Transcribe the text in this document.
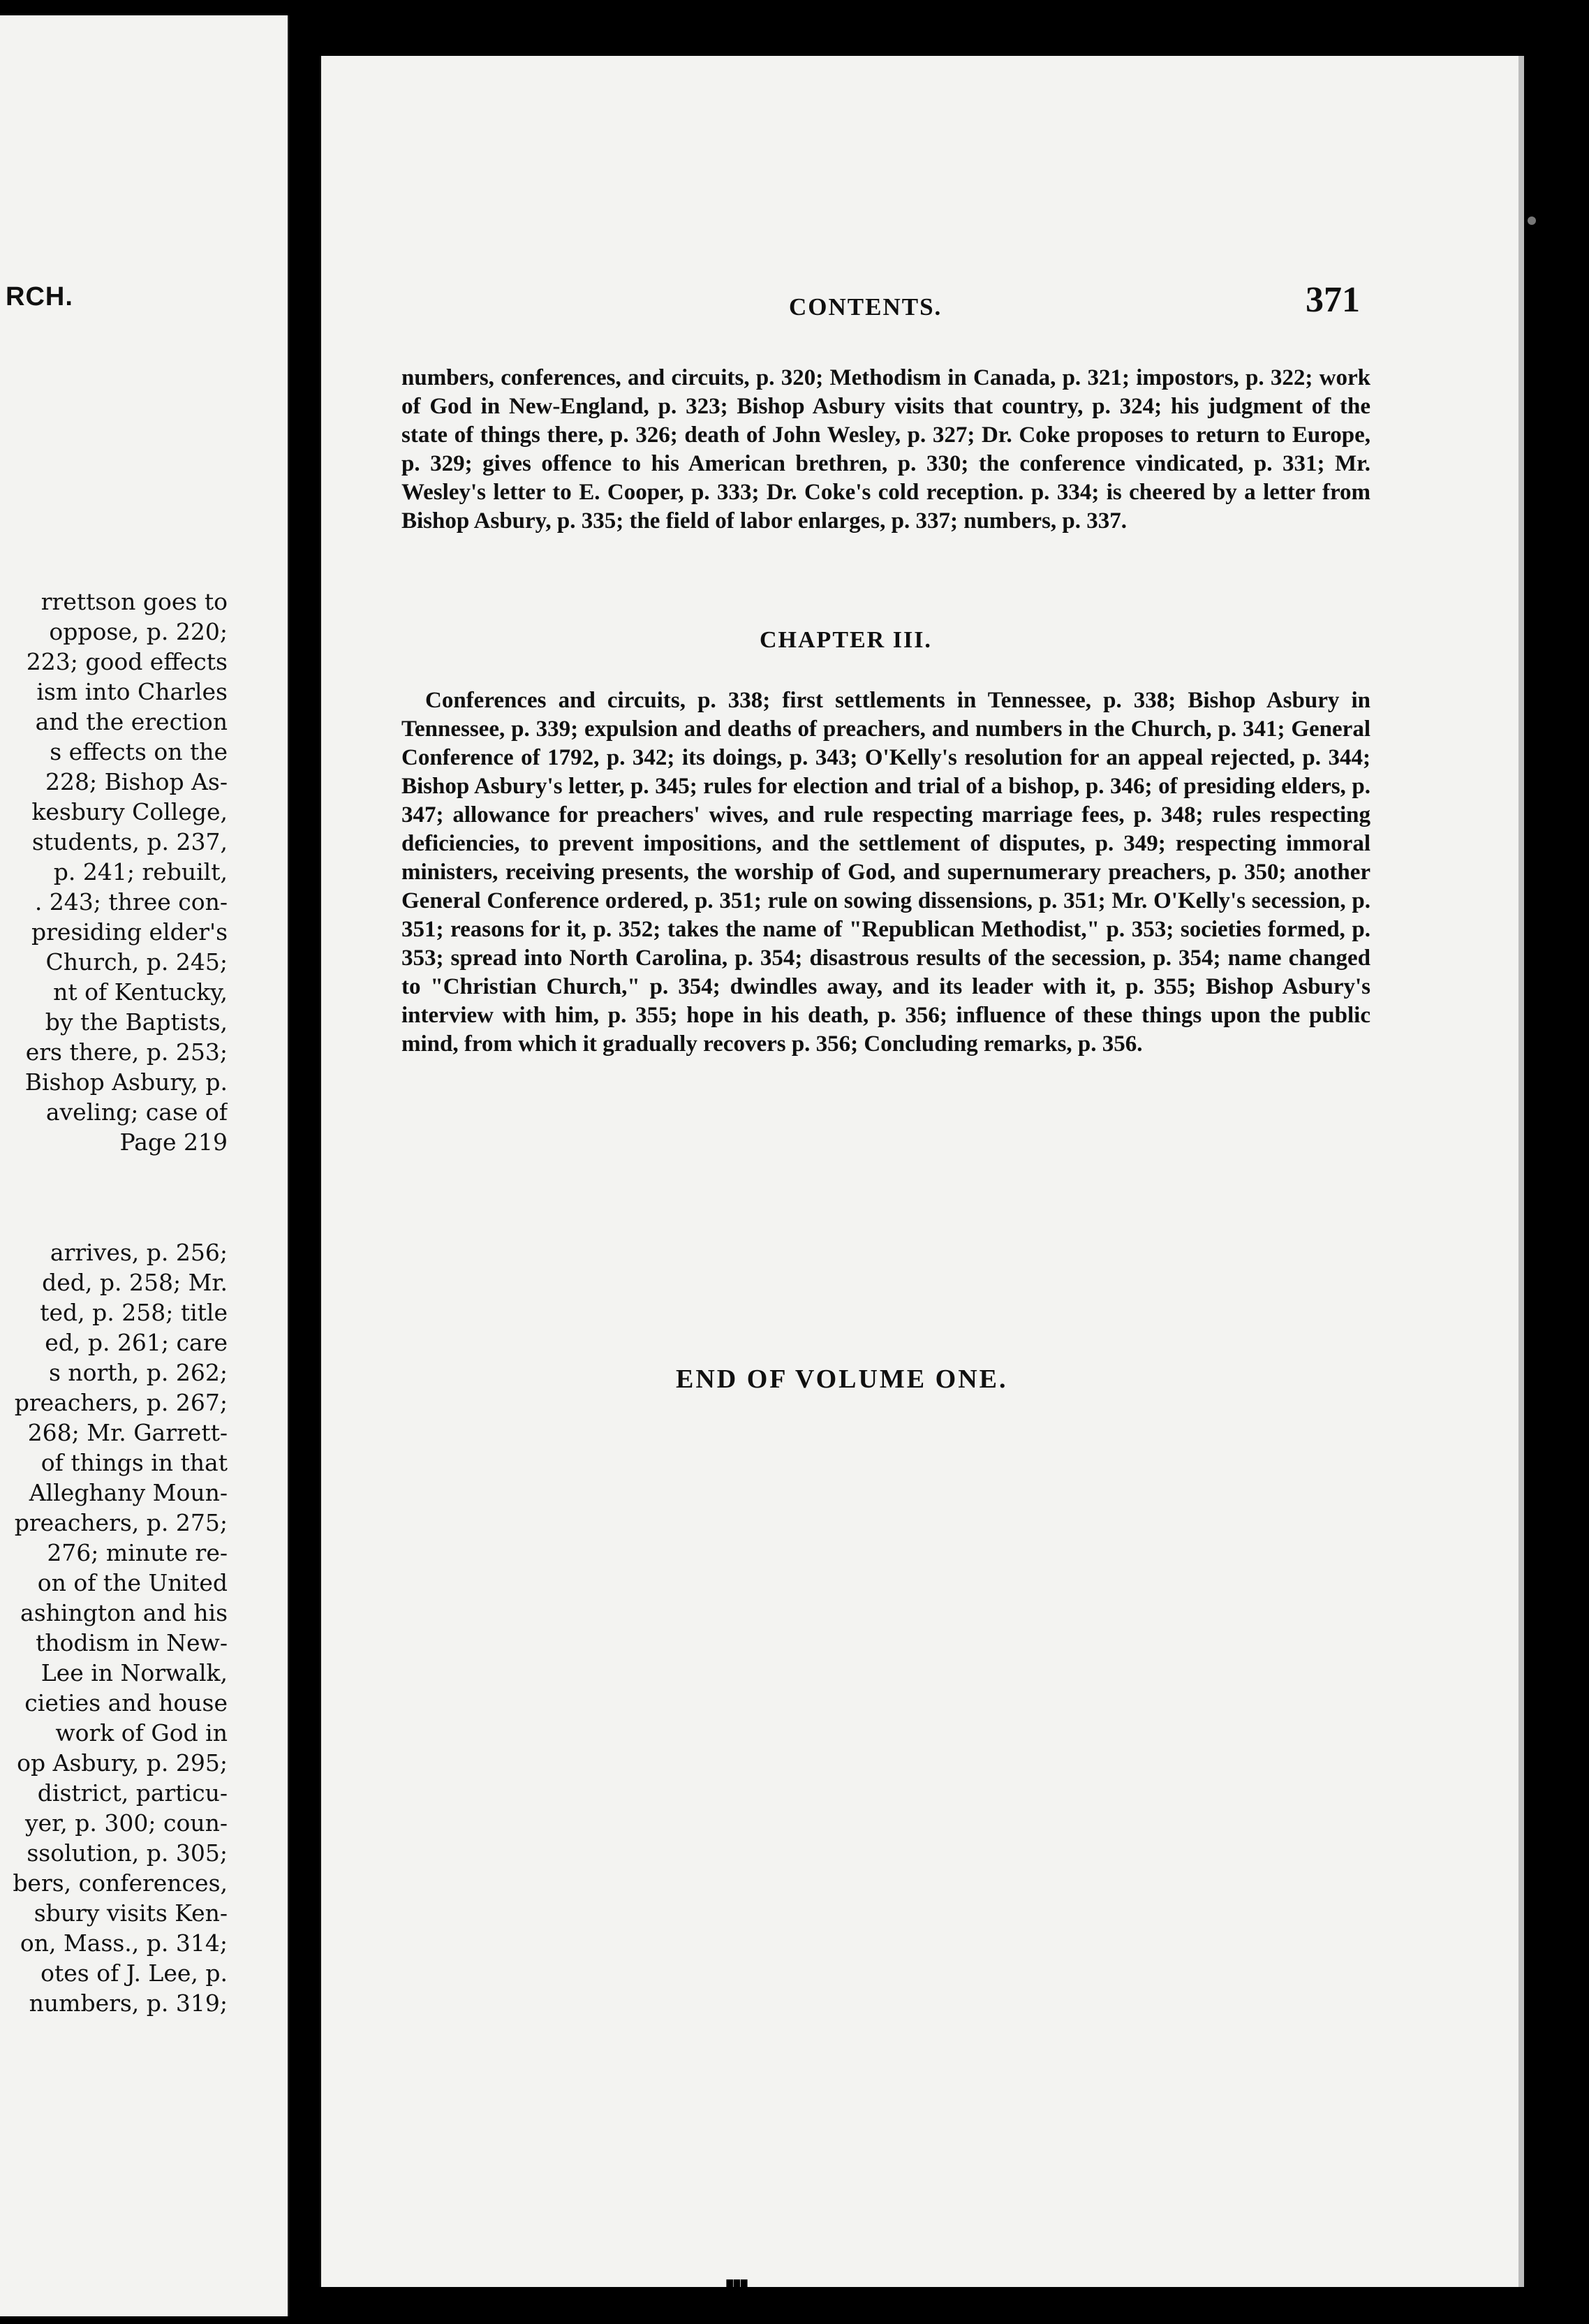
RCH.
rrettson goes to
oppose, p. 220;
223; good effects
ism into Charles
and the erection
s effects on the
228; Bishop As-
kesbury College,
students, p. 237,
p. 241; rebuilt,
. 243; three con-
presiding elder's
Church, p. 245;
nt of Kentucky,
by the Baptists,
ers there, p. 253;
Bishop Asbury, p.
aveling; case of
Page 219
arrives, p. 256;
ded, p. 258; Mr.
ted, p. 258; title
ed, p. 261; care
s north, p. 262;
preachers, p. 267;
268; Mr. Garrett-
of things in that
Alleghany Moun-
preachers, p. 275;
276; minute re-
on of the United
ashington and his
thodism in New-
Lee in Norwalk,
cieties and house
work of God in
op Asbury, p. 295;
district, particu-
yer, p. 300; coun-
ssolution, p. 305;
bers, conferences,
sbury visits Ken-
on, Mass., p. 314;
otes of J. Lee, p.
numbers, p. 319;
CONTENTS.	371

numbers, conferences, and circuits, p. 320; Methodism in Canada, p. 321; impostors, p. 322; work of God in New-England, p. 323; Bishop Asbury visits that country, p. 324; his judgment of the state of things there, p. 326; death of John Wesley, p. 327; Dr. Coke proposes to return to Europe, p. 329; gives offence to his American brethren, p. 330; the conference vindicated, p. 331; Mr. Wesley's letter to E. Cooper, p. 333; Dr. Coke's cold reception. p. 334; is cheered by a letter from Bishop Asbury, p. 335; the field of labor enlarges, p. 337; numbers, p. 337.

CHAPTER III.

Conferences and circuits, p. 338; first settlements in Tennessee, p. 338; Bishop Asbury in Tennessee, p. 339; expulsion and deaths of preachers, and numbers in the Church, p. 341; General Conference of 1792, p. 342; its doings, p. 343; O'Kelly's resolution for an appeal rejected, p. 344; Bishop Asbury's letter, p. 345; rules for election and trial of a bishop, p. 346; of presiding elders, p. 347; allowance for preachers' wives, and rule respecting marriage fees, p. 348; rules respecting deficiencies, to prevent impositions, and the settlement of disputes, p. 349; respecting immoral ministers, receiving presents, the worship of God, and supernumerary preachers, p. 350; another General Conference ordered, p. 351; rule on sowing dissensions, p. 351; Mr. O'Kelly's secession, p. 351; reasons for it, p. 352; takes the name of "Republican Methodist," p. 353; societies formed, p. 353; spread into North Carolina, p. 354; disastrous results of the secession, p. 354; name changed to "Christian Church," p. 354; dwindles away, and its leader with it, p. 355; Bishop Asbury's interview with him, p. 355; hope in his death, p. 356; influence of these things upon the public mind, from which it gradually recovers p. 356; Concluding remarks, p. 356.

END OF VOLUME ONE.
▮▮▮
